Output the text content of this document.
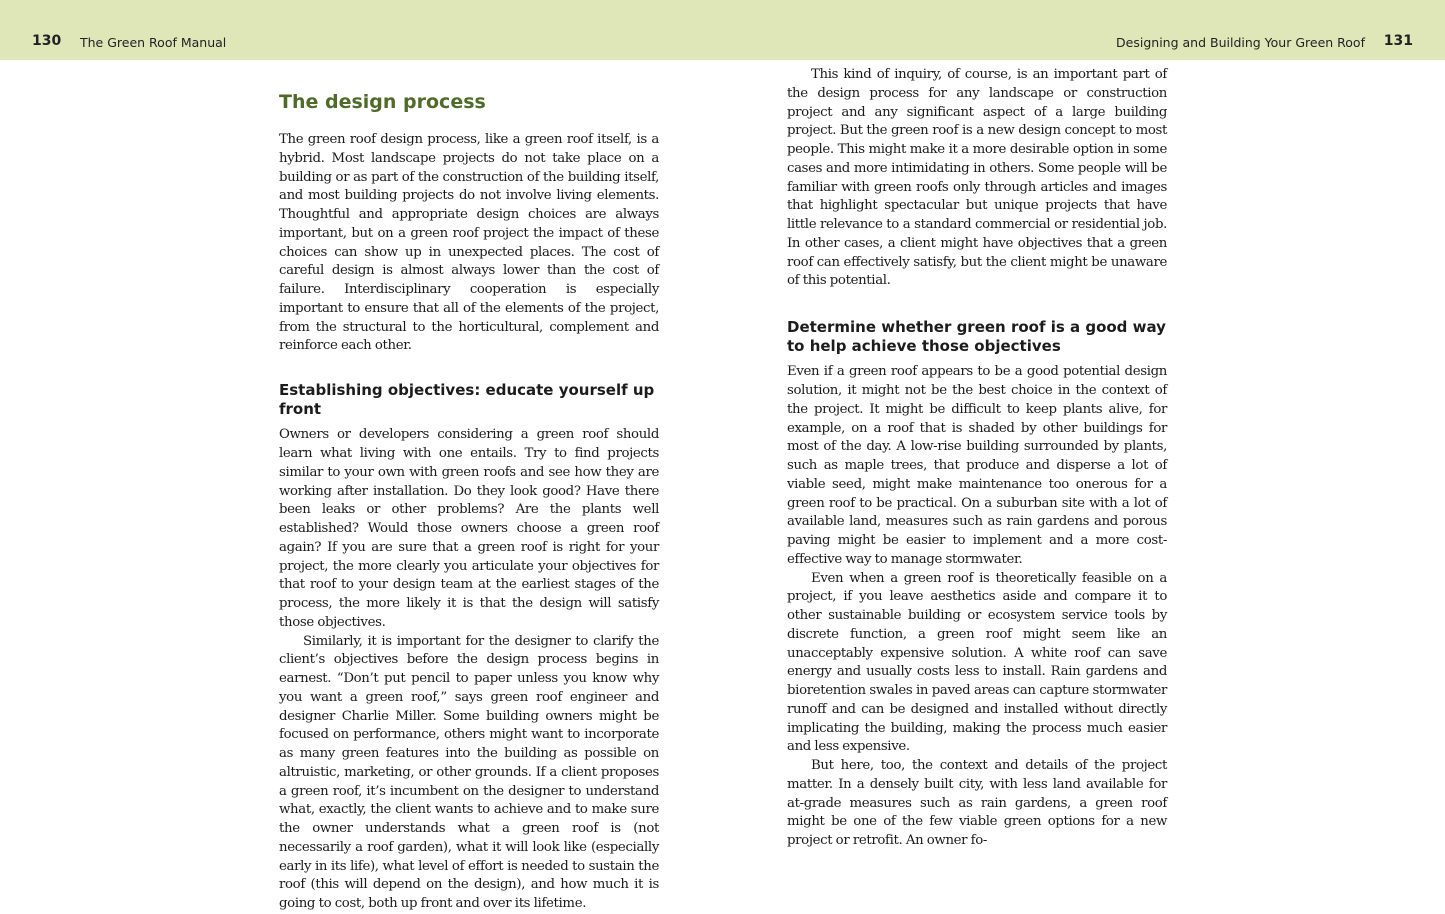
130 The Green Roof Manual	Designing and Building Your Green Roof 131
The design process

The green roof design process, like a green roof itself, is a hybrid. Most landscape projects do not take place on a building or as part of the construction of the building itself, and most building projects do not involve living elements. Thoughtful and appropriate design choices are always important, but on a green roof project the impact of these choices can show up in unexpected places. The cost of careful design is almost always lower than the cost of failure. Interdisciplinary cooperation is especially important to ensure that all of the elements of the project, from the structural to the horticultural, complement and reinforce each other.

Establishing objectives: educate yourself up front

Owners or developers considering a green roof should learn what living with one entails. Try to find projects similar to your own with green roofs and see how they are working after installation. Do they look good? Have there been leaks or other problems? Are the plants well established? Would those owners choose a green roof again? If you are sure that a green roof is right for your project, the more clearly you articulate your objectives for that roof to your design team at the earliest stages of the process, the more likely it is that the design will satisfy those objectives.

Similarly, it is important for the designer to clarify the client’s objectives before the design process begins in earnest. “Don’t put pencil to paper unless you know why you want a green roof,” says green roof engineer and designer Charlie Miller. Some building owners might be focused on performance, others might want to incorporate as many green features into the building as possible on altruistic, marketing, or other grounds. If a client proposes a green roof, it’s incumbent on the designer to understand what, exactly, the client wants to achieve and to make sure the owner understands what a green roof is (not necessarily a roof garden), what it will look like (especially early in its life), what level of effort is needed to sustain the roof (this will depend on the design), and how much it is going to cost, both up front and over its lifetime.

This kind of inquiry, of course, is an important part of the design process for any landscape or construction project and any significant aspect of a large building project. But the green roof is a new design concept to most people. This might make it a more desirable option in some cases and more intimidating in others. Some people will be familiar with green roofs only through articles and images that highlight spectacular but unique projects that have little relevance to a standard commercial or residential job. In other cases, a client might have objectives that a green roof can effectively satisfy, but the client might be unaware of this potential.

Determine whether green roof is a good way to help achieve those objectives

Even if a green roof appears to be a good potential design solution, it might not be the best choice in the context of the project. It might be difficult to keep plants alive, for example, on a roof that is shaded by other buildings for most of the day. A low-rise building surrounded by plants, such as maple trees, that produce and disperse a lot of viable seed, might make maintenance too onerous for a green roof to be practical. On a suburban site with a lot of available land, measures such as rain gardens and porous paving might be easier to implement and a more cost-effective way to manage stormwater.

Even when a green roof is theoretically feasible on a project, if you leave aesthetics aside and compare it to other sustainable building or ecosystem service tools by discrete function, a green roof might seem like an unacceptably expensive solution. A white roof can save energy and usually costs less to install. Rain gardens and bioretention swales in paved areas can capture stormwater runoff and can be designed and installed without directly implicating the building, making the process much easier and less expensive.

But here, too, the context and details of the project matter. In a densely built city, with less land available for at-grade measures such as rain gardens, a green roof might be one of the few viable green options for a new project or retrofit. An owner fo-
